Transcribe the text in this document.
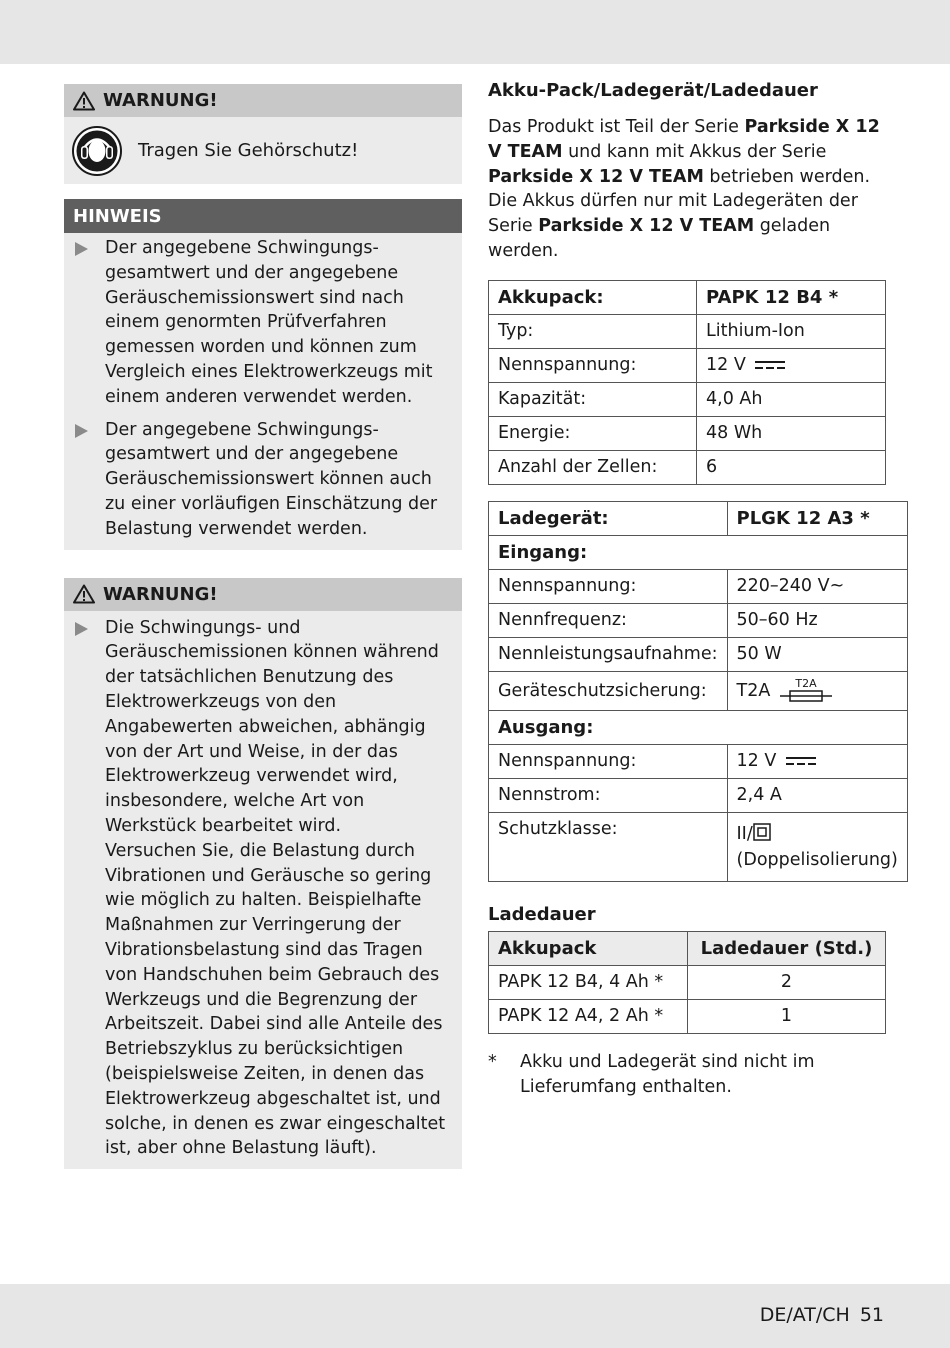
WARNUNG!
Tragen Sie Gehörschutz!
HINWEIS

Der angegebene Schwingungs-gesamtwert und der angegebene Geräuschemissionswert sind nach einem genormten Prüfverfahren gemessen worden und können zum Vergleich eines Elektrowerkzeugs mit einem anderen verwendet werden.

Der angegebene Schwingungs-gesamtwert und der angegebene Geräuschemissionswert können auch zu einer vorläufigen Einschätzung der Belastung verwendet werden.

WARNUNG!

Die Schwingungs- und Geräuschemissionen können während der tatsächlichen Benutzung des Elektrowerkzeugs von den Angabewerten abweichen, abhängig von der Art und Weise, in der das Elektrowerkzeug verwendet wird, insbesondere, welche Art von Werkstück bearbeitet wird.

Versuchen Sie, die Belastung durch Vibrationen und Geräusche so gering wie möglich zu halten. Beispielhafte Maßnahmen zur Verringerung der Vibrationsbelastung sind das Tragen von Handschuhen beim Gebrauch des Werkzeugs und die Begrenzung der Arbeitszeit. Dabei sind alle Anteile des Betriebszyklus zu berücksichtigen (beispielsweise Zeiten, in denen das Elektrowerkzeug abgeschaltet ist, und solche, in denen es zwar eingeschaltet ist, aber ohne Belastung läuft).

Akku-Pack/Ladegerät/Ladedauer
Das Produkt ist Teil der Serie Parkside X 12 V TEAM und kann mit Akkus der Serie Parkside X 12 V TEAM betrieben werden. Die Akkus dürfen nur mit Ladegeräten der Serie Parkside X 12 V TEAM geladen werden.
Akkupack:	PAPK 12 B4 *
Typ:	Lithium-Ion
Nennspannung:	12 V
Kapazität:	4,0 Ah
Energie:	48 Wh
Anzahl der Zellen:	6
Ladegerät:	PLGK 12 A3 *
Eingang:	
Nennspannung:	220–240 V~
Nennfrequenz:	50–60 Hz
Nennleistungsaufnahme:	50 W
Geräteschutzsicherung:	T2A T2A

Ausgang:	
Nennspannung:	12 V
Nennstrom:	2,4 A
Schutzklasse:	II/
(Doppelisolierung)
Ladedauer
Akkupack	Ladedauer (Std.)
PAPK 12 B4, 4 Ah *	2
PAPK 12 A4, 2 Ah *	1
*	Akku und Ladegerät sind nicht im Lieferumfang enthalten.

DE/AT/CH 51
